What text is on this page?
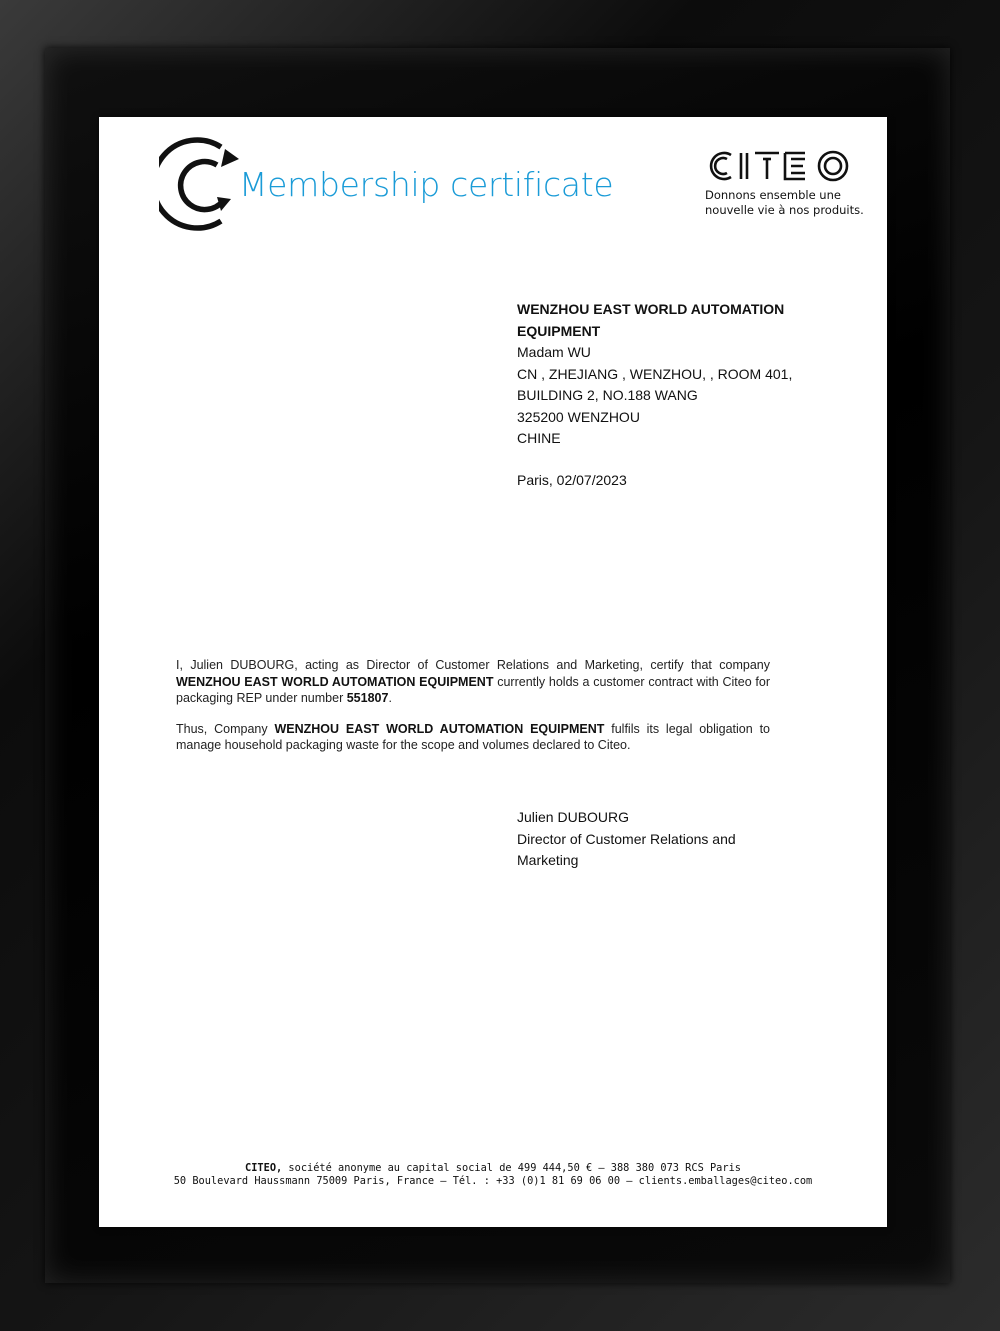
Membership certificate	Donnons ensemble une
nouvelle vie à nos produits.
WENZHOU EAST WORLD AUTOMATION
EQUIPMENT
Madam WU
CN , ZHEJIANG , WENZHOU, , ROOM 401,
BUILDING 2, NO.188 WANG
325200 WENZHOU
CHINE
Paris, 02/07/2023

I, Julien DUBOURG, acting as Director of Customer Relations and Marketing, certify that company WENZHOU EAST WORLD AUTOMATION EQUIPMENT currently holds a customer contract with Citeo for packaging REP under number 551807.

Thus, Company WENZHOU EAST WORLD AUTOMATION EQUIPMENT fulfils its legal obligation to manage household packaging waste for the scope and volumes declared to Citeo.

Julien DUBOURG
Director of Customer Relations and
Marketing
CITEO, société anonyme au capital social de 499 444,50 € – 388 380 073 RCS Paris
50 Boulevard Haussmann 75009 Paris, France – Tél. : +33 (0)1 81 69 06 00 – clients.emballages@citeo.com
